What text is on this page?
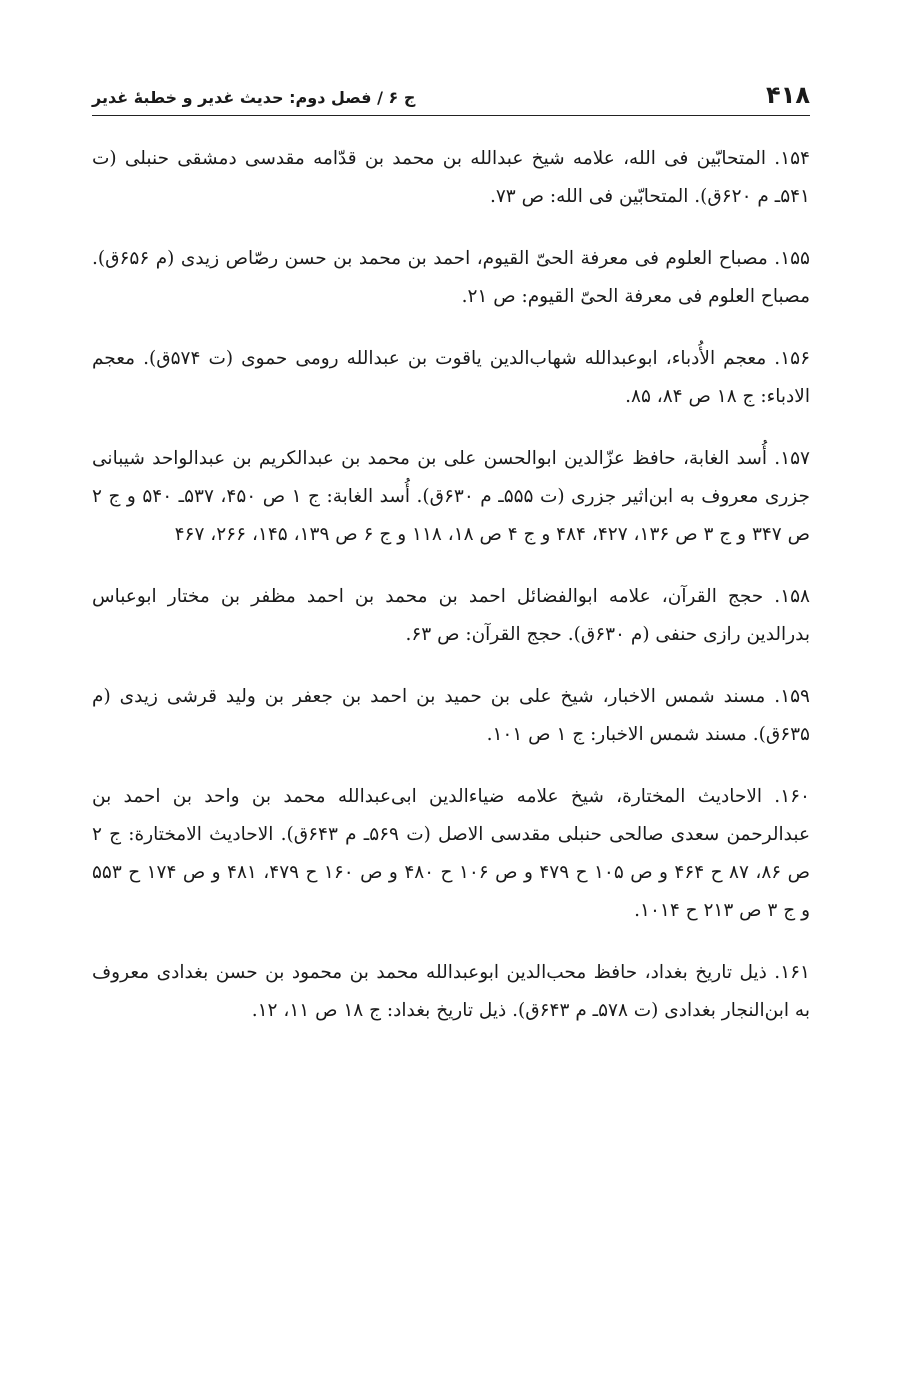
۴۱۸
ج ۶ / فصل دوم: حديث غدير و خطبهٔ غدير

۱۵۴. المتحابّين فى الله، علامه شيخ عبدالله بن محمد بن قدّامه مقدسى دمشقى حنبلى (ت ۵۴۱ـ م ۶۲۰ق). المتحابّين فى الله: ص ۷۳.

۱۵۵. مصباح العلوم فى معرفة الحىّ القيوم، احمد بن محمد بن حسن رصّاص زيدى (م ۶۵۶ق). مصباح العلوم فى معرفة الحىّ القيوم: ص ۲۱.

۱۵۶. معجم الأُدباء، ابوعبدالله شهاب‌الدين ياقوت بن عبدالله رومى حموى (ت ۵۷۴ق). معجم الادباء: ج ۱۸ ص ۸۴، ۸۵.

۱۵۷. أُسد الغابة، حافظ عزّالدين ابوالحسن على بن محمد بن عبدالكريم بن عبدالواحد شيبانى جزرى معروف به ابن‌اثير جزرى (ت ۵۵۵ـ م ۶۳۰ق). أُسد الغابة: ج ۱ ص ۴۵۰، ۵۳۷ـ ۵۴۰ و ج ۲ ص ۳۴۷ و ج ۳ ص ۱۳۶، ۴۲۷، ۴۸۴ و ج ۴ ص ۱۸، ۱۱۸ و ج ۶ ص ۱۳۹، ۱۴۵، ۲۶۶، ۴۶۷

۱۵۸. حجج القرآن، علامه ابوالفضائل احمد بن محمد بن احمد مظفر بن مختار ابوعباس بدرالدين رازى حنفى (م ۶۳۰ق). حجج القرآن: ص ۶۳.

۱۵۹. مسند شمس الاخبار، شيخ على بن حميد بن احمد بن جعفر بن وليد قرشى زيدى (م ۶۳۵ق). مسند شمس الاخبار: ج ۱ ص ۱۰۱.

۱۶۰. الاحاديث المختارة، شيخ علامه ضياءالدين ابى‌عبدالله محمد بن واحد بن احمد بن عبدالرحمن سعدى صالحى حنبلى مقدسى الاصل (ت ۵۶۹ـ م ۶۴۳ق). الاحاديث الامختارة: ج ۲ ص ۸۶، ۸۷ ح ۴۶۴ و ص ۱۰۵ ح ۴۷۹ و ص ۱۰۶ ح ۴۸۰ و ص ۱۶۰ ح ۴۷۹، ۴۸۱ و ص ۱۷۴ ح ۵۵۳ و ج ۳ ص ۲۱۳ ح ۱۰۱۴.

۱۶۱. ذيل تاريخ بغداد، حافظ محب‌الدين ابوعبدالله محمد بن محمود بن حسن بغدادى معروف به ابن‌النجار بغدادى (ت ۵۷۸ـ م ۶۴۳ق). ذيل تاريخ بغداد: ج ۱۸ ص ۱۱، ۱۲.
